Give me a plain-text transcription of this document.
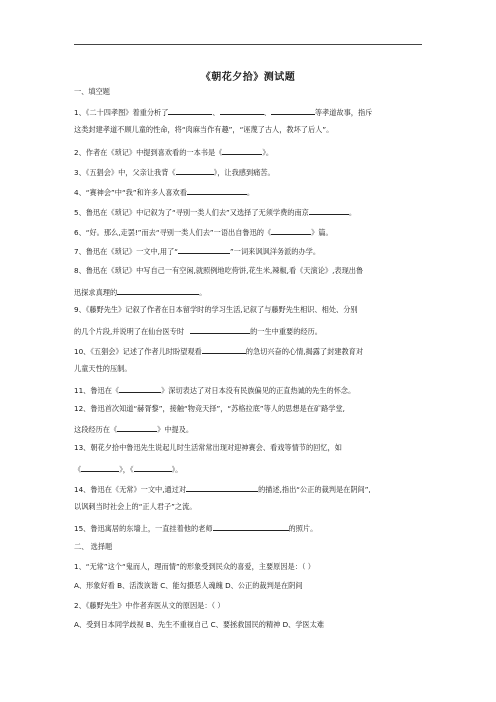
《朝花夕拾》测试题
一、填空题
1、《二十四孝图》着重分析了	、	、	等孝道故事，指斥
这类封建孝道不顾儿童的性命，将“肉麻当作有趣”，“诬蔑了古人，教坏了后人”。
2、作者在《琐记》中提到喜欢看的一本书是《	》。
3、《五猖会》中，父亲让我背《	》，让我感到痛苦。
4、“赛神会”中“我”和许多人喜欢看	。
5、鲁迅在《琐记》中记叙为了“寻别一类人们去”又选择了无须学费的南京	。
6、“好。那么,走罢!”而去“寻别一类人们去”一语出自鲁迅的《	》篇。
7、鲁迅在《琐记》一文中,用了“	”一词来讽讽洋务派的办学。
8、鲁迅在《琐记》中写自己一有空闲,就照例地吃侉饼,花生米,辣椒,看《天演论》,表现出鲁
迅探求真理的	。
9、《藤野先生》记叙了作者在日本留学时的学习生活,记叙了与藤野先生相识、相处、分别
的几个片段,并说明了在仙台医专时	的一生中重要的经历。
10、《五猖会》记述了作者儿时盼望观看	的急切兴奋的心情,揭露了封建教育对
儿童天性的压制。
11、鲁迅在《	》深切表达了对日本没有民族偏见的正直热诚的先生的怀念。
12、鲁迅首次知道“赫胥黎”，接触“物竞天择”，“苏格拉底”等人的思想是在矿路学堂,
这段经历在《	》中提及。
13、朝花夕拾中鲁迅先生说起儿时生活常常出现对迎神赛会、看戏等情节的回忆，如
《	》，《	》。
14、鲁迅在《无常》一文中,通过对	的描述,指出“公正的裁判是在阴间”,
以讽刺当时社会上的“正人君子”之流。
15、鲁迅寓居的东墙上，一直挂着他的老师	的照片。
二、 选择题
1、“无常”这个“鬼而人，理而情”的形象受到民众的喜爱，主要原因是：（ ）
A、形象好看 B、活泼诙谐 C、能勾摄恶人魂魄 D、公正的裁判是在阴间
2、《藤野先生》中作者弃医从文的原因是：（ ）
A、受到日本同学歧视 B、先生不重视自己 C、要拯救国民的精神 D、学医太难
